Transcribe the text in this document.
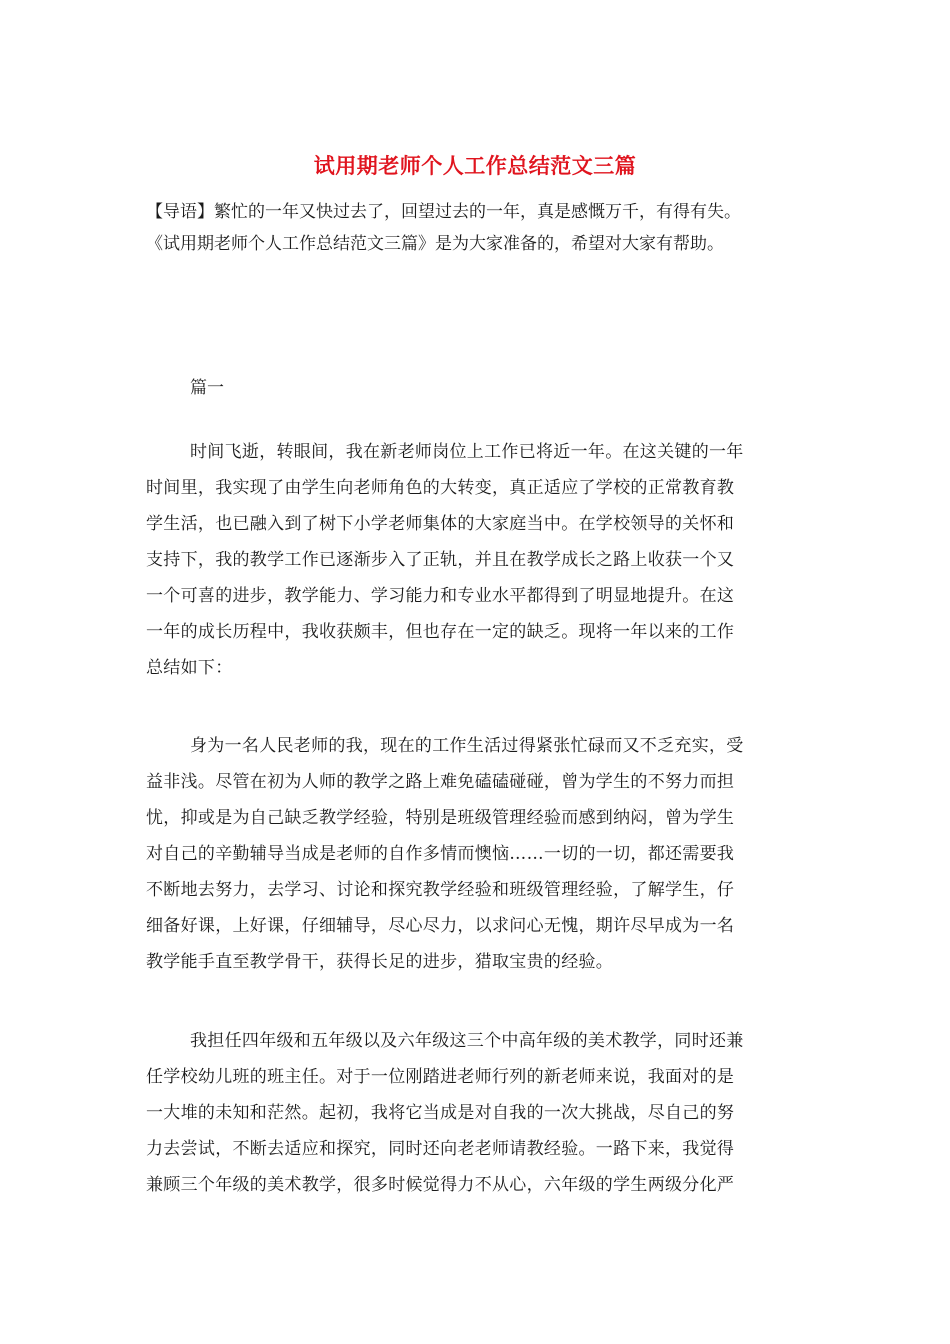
试用期老师个人工作总结范文三篇

【导语】繁忙的一年又快过去了，回望过去的一年，真是感慨万千，有得有失。

《试用期老师个人工作总结范文三篇》是为大家准备的，希望对大家有帮助。

篇一

时间飞逝，转眼间，我在新老师岗位上工作已将近一年。在这关键的一年
时间里，我实现了由学生向老师角色的大转变，真正适应了学校的正常教育教
学生活，也已融入到了树下小学老师集体的大家庭当中。在学校领导的关怀和
支持下，我的教学工作已逐渐步入了正轨，并且在教学成长之路上收获一个又
一个可喜的进步，教学能力、学习能力和专业水平都得到了明显地提升。在这
一年的成长历程中，我收获颇丰，但也存在一定的缺乏。现将一年以来的工作
总结如下：
身为一名人民老师的我，现在的工作生活过得紧张忙碌而又不乏充实，受
益非浅。尽管在初为人师的教学之路上难免磕磕碰碰，曾为学生的不努力而担
忧，抑或是为自己缺乏教学经验，特别是班级管理经验而感到纳闷，曾为学生
对自己的辛勤辅导当成是老师的自作多情而懊恼……一切的一切，都还需要我
不断地去努力，去学习、讨论和探究教学经验和班级管理经验，了解学生，仔
细备好课，上好课，仔细辅导，尽心尽力，以求问心无愧，期许尽早成为一名
教学能手直至教学骨干，获得长足的进步，猎取宝贵的经验。
我担任四年级和五年级以及六年级这三个中高年级的美术教学，同时还兼
任学校幼儿班的班主任。对于一位刚踏进老师行列的新老师来说，我面对的是
一大堆的未知和茫然。起初，我将它当成是对自我的一次大挑战，尽自己的努
力去尝试，不断去适应和探究，同时还向老老师请教经验。一路下来，我觉得
兼顾三个年级的美术教学，很多时候觉得力不从心，六年级的学生两级分化严
